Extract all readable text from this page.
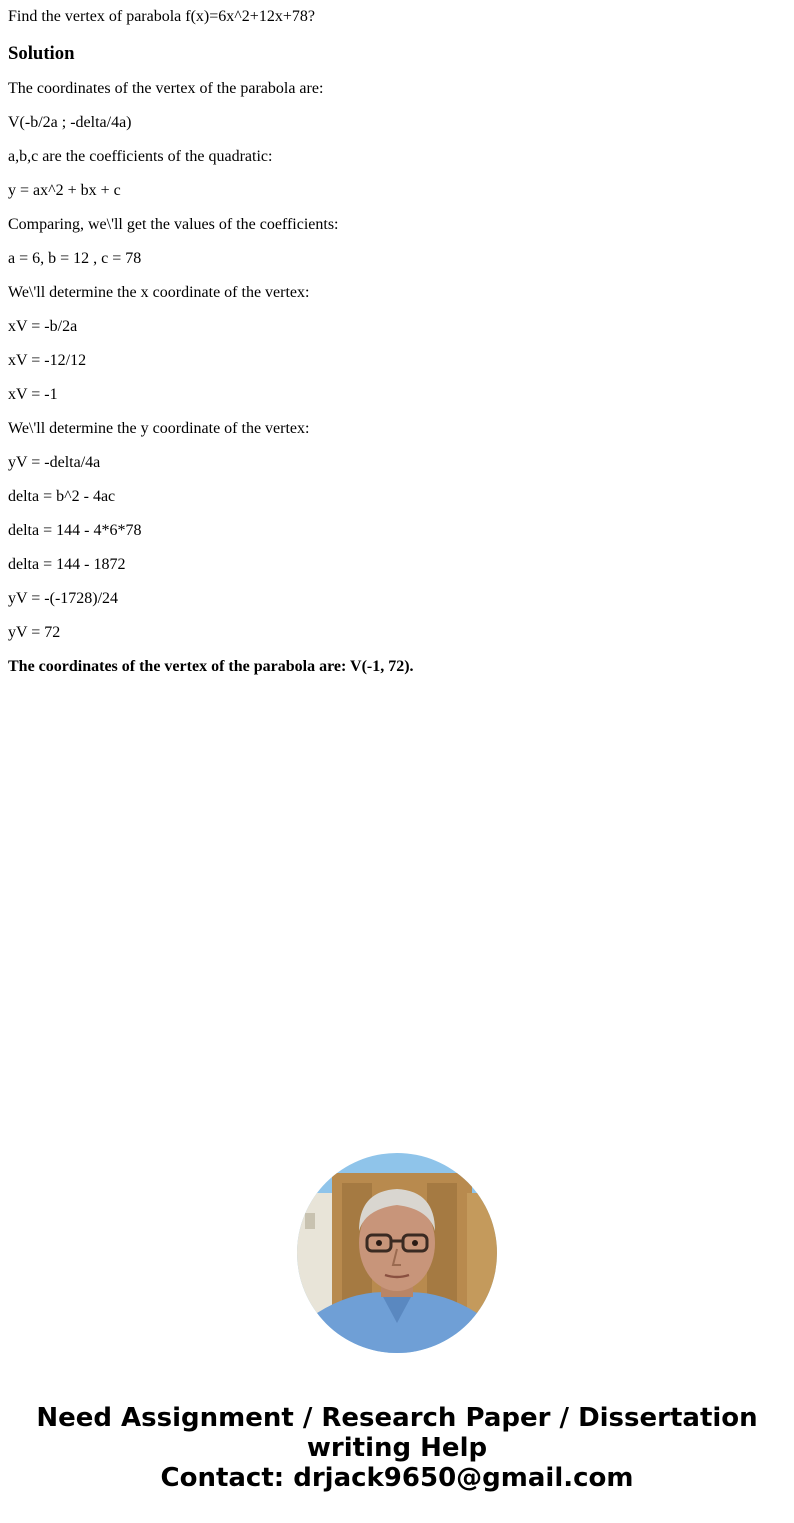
Find the vertex of parabola f(x)=6x^2+12x+78?

Solution

The coordinates of the vertex of the parabola are:

V(-b/2a ; -delta/4a)

a,b,c are the coefficients of the quadratic:

y = ax^2 + bx + c

Comparing, we\'ll get the values of the coefficients:

a = 6, b = 12 , c = 78

We\'ll determine the x coordinate of the vertex:

xV = -b/2a

xV = -12/12

xV = -1

We\'ll determine the y coordinate of the vertex:

yV = -delta/4a

delta = b^2 - 4ac

delta = 144 - 4*6*78

delta = 144 - 1872

yV = -(-1728)/24

yV = 72

The coordinates of the vertex of the parabola are: V(-1, 72).

Need Assignment / Research Paper / Dissertation
writing Help
Contact: drjack9650@gmail.com
